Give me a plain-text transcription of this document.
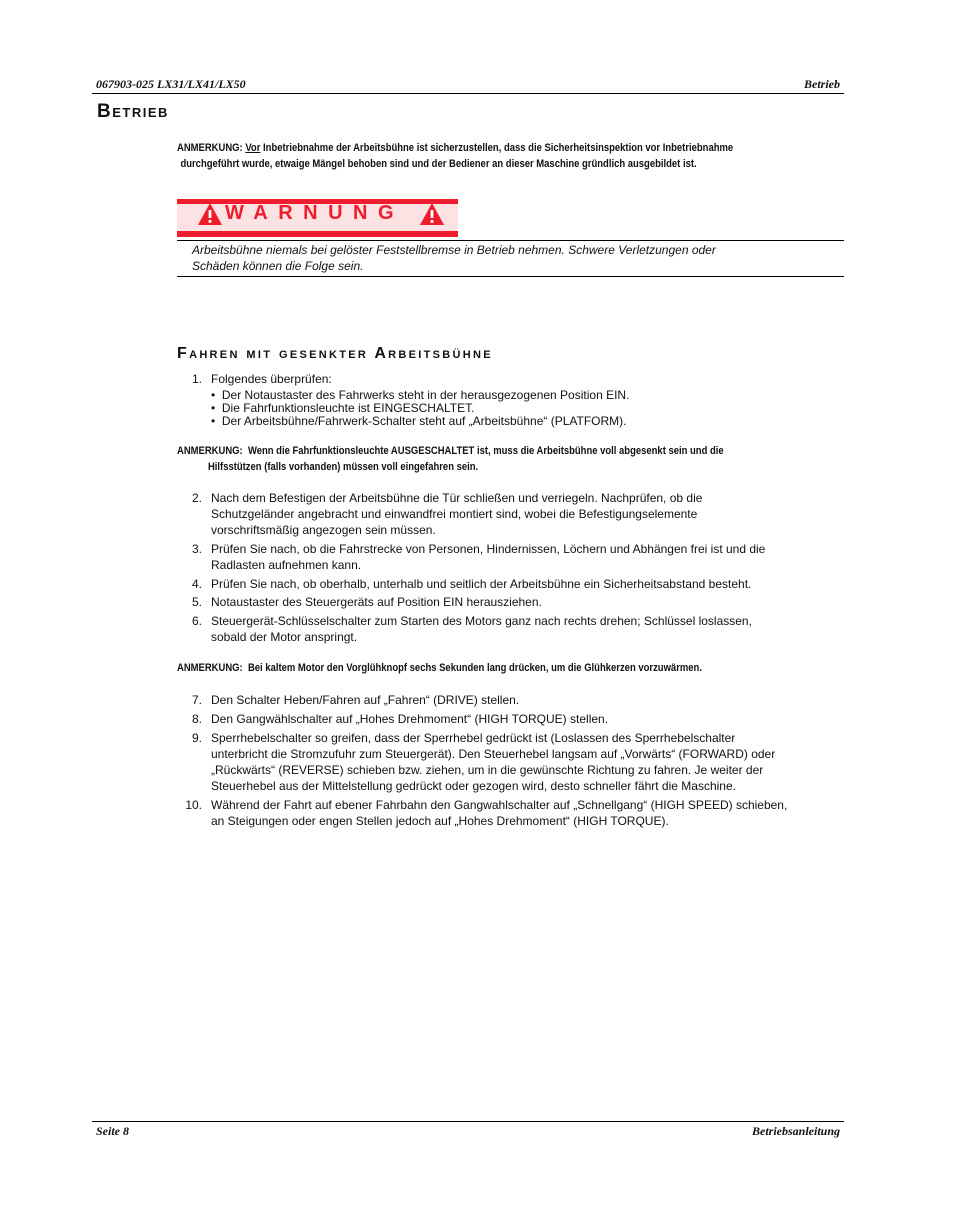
067903-025 LX31/LX41/LX50	Betrieb
Betrieb
ANMERKUNG: Vor Inbetriebnahme der Arbeitsbühne ist sicherzustellen, dass die Sicherheitsinspektion vor Inbetriebnahme
durchgeführt wurde, etwaige Mängel behoben sind und der Bediener an dieser Maschine gründlich ausgebildet ist.
WARNUNG
Arbeitsbühne niemals bei gelöster Feststellbremse in Betrieb nehmen. Schwere Verletzungen oder
Schäden können die Folge sein.
Fahren mit gesenkter Arbeitsbühne
1. Folgendes überprüfen:
•  Der Notaustaster des Fahrwerks steht in der herausgezogenen Position EIN.
•  Die Fahrfunktionsleuchte ist EINGESCHALTET.
•  Der Arbeitsbühne/Fahrwerk-Schalter steht auf „Arbeitsbühne“ (PLATFORM).
ANMERKUNG: Wenn die Fahrfunktionsleuchte AUSGESCHALTET ist, muss die Arbeitsbühne voll abgesenkt sein und die
Hilfsstützen (falls vorhanden) müssen voll eingefahren sein.
2. Nach dem Befestigen der Arbeitsbühne die Tür schließen und verriegeln. Nachprüfen, ob die
Schutzgeländer angebracht und einwandfrei montiert sind, wobei die Befestigungselemente
vorschriftsmäßig angezogen sein müssen.
3. Prüfen Sie nach, ob die Fahrstrecke von Personen, Hindernissen, Löchern und Abhängen frei ist und die
Radlasten aufnehmen kann.
4. Prüfen Sie nach, ob oberhalb, unterhalb und seitlich der Arbeitsbühne ein Sicherheitsabstand besteht.
5. Notaustaster des Steuergeräts auf Position EIN herausziehen.
6. Steuergerät-Schlüsselschalter zum Starten des Motors ganz nach rechts drehen; Schlüssel loslassen,
sobald der Motor anspringt.
ANMERKUNG: Bei kaltem Motor den Vorglühknopf sechs Sekunden lang drücken, um die Glühkerzen vorzuwärmen.
7. Den Schalter Heben/Fahren auf „Fahren“ (DRIVE) stellen.
8. Den Gangwählschalter auf „Hohes Drehmoment“ (HIGH TORQUE) stellen.
9. Sperrhebelschalter so greifen, dass der Sperrhebel gedrückt ist (Loslassen des Sperrhebelschalter
unterbricht die Stromzufuhr zum Steuergerät). Den Steuerhebel langsam auf „Vorwärts“ (FORWARD) oder
„Rückwärts“ (REVERSE) schieben bzw. ziehen, um in die gewünschte Richtung zu fahren. Je weiter der
Steuerhebel aus der Mittelstellung gedrückt oder gezogen wird, desto schneller fährt die Maschine.
10. Während der Fahrt auf ebener Fahrbahn den Gangwahlschalter auf „Schnellgang“ (HIGH SPEED) schieben,
an Steigungen oder engen Stellen jedoch auf „Hohes Drehmoment“ (HIGH TORQUE).
Seite 8	Betriebsanleitung
